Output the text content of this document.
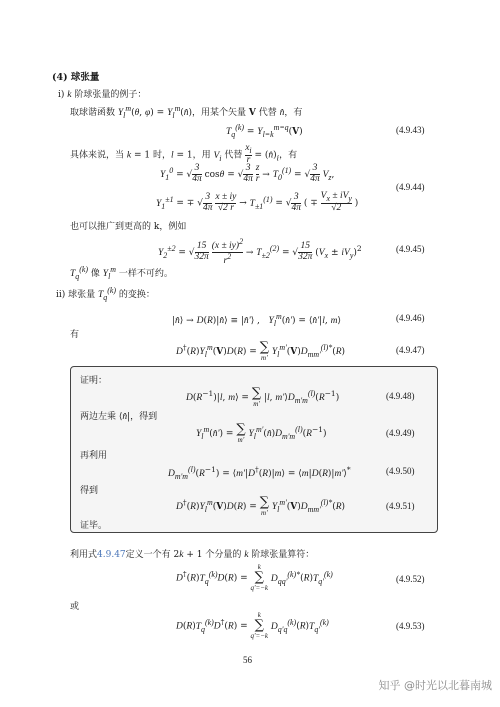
(4) 球张量
i) k 阶球张量的例子：
取球谐函数 $Y_l^m(\theta$, $\varphi) = Y_l^m(n̂)$，用某个矢量 V 代替 n̂，有
$T_q^{(k)} = Y_{l=k}^{m=q}(V)$	(4.9.43)
具体来说，当 k = 1 时，l = 1，用 $V_i$ 代替 $\frac{x_i}{r}$ = $(n̂)_i$，有
$Y_1^0$ = √ $\frac{3}{4\pi}$ cosθ = √ $\frac{3}{4\pi}$
$\frac{z}{r} \to T_0^{(1)}$ = √ $\frac{3}{4\pi} V_z$,
$Y_1^{\pm 1}$ = ∓ √ $\frac{3}{4\pi}$
$\frac{x \pm iy}{√2 r} \to T_{\pm 1}^{(1)}$ = √ $\frac{3}{4\pi}$ ( ∓ $\frac{V_x \pm iV_y}{√2}$ )
(4.9.44)
也可以推广到更高的 k，例如
$Y_2^{\pm 2}$ = √ $\frac{15}{32\pi}$
$\frac{(x \pm iy)^2}{r^2} \to T_{\pm 2}^{(2)}$ = √ $\frac{15}{32\pi} (V_x \pm iV_y)^2$	(4.9.45)
$T_q^{(k)}$ 像 $Y_l^m$ 一样不可约。
ii) 球张量 $T_q^{(k)}$ 的变换：
|n̂⟩ → D(R)|n̂⟩ ≡ |n̂'⟩ ,   $Y_l^m(n̂')$ = ⟨n̂'|l, m⟩	(4.9.46)
有
$D^\dagger(R)Y_l^m(V)D(R)$ = ∑
m'
$Y_l^{m'}(V)D_{mm'}^{(l)*}(R)$	(4.9.47)
证明：
$D(R^{-1})|l$, m⟩ = ∑
m'
|l, $m'⟩D_{m'm}^{(l)}(R^{-1})$	(4.9.48)
两边左乘 ⟨n̂|，得到
$Y_l^m(n̂')$ = ∑
m'
$Y_l^{m'}(n̂)D_{m'm}^{(l)}(R^{-1})$	(4.9.49)
再利用
$D_{m'm}^{(l)}(R^{-1})$ = ⟨m'|D†(R)|m⟩ = ⟨m|D(R)|m'⟩*	(4.9.50)
得到
$D^\dagger(R)Y_l^m(V)D(R)$ = ∑
m'
$Y_l^{m'}(V)D_{mm'}^{(l)*}(R)$	(4.9.51)
证毕。
利用式4.9.47定义一个有 2k + 1 个分量的 k 阶球张量算符：
$D^\dagger(R)T_q^{(k)}D(R)$ =
k
∑
q'=−k
$D_{qq'}^{(k)*}(R)T_{q'}^{(k)}$	(4.9.52)
或
$D(R)T_q^{(k)}D^\dagger(R)$ =
k
∑
q'=−k
$D_{q'q}^{(k)}(R)T_{q'}^{(k)}$	(4.9.53)
56
知乎 @时光以北暮南城
